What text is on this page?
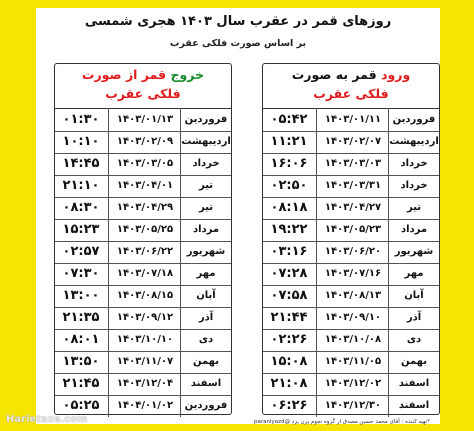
روزهای قمر در عقرب سال ۱۴۰۳ هجری شمسی
بر اساس صورت فلکی عقرب
ورود قمر به صورت
فلکی عقرب
فروردین
۱۴۰۳/۰۱/۱۱
۰۵:۴۲
اردیبهشت
۱۴۰۳/۰۲/۰۷
۱۱:۲۱
خرداد
۱۴۰۳/۰۳/۰۳
۱۶:۰۶
خرداد
۱۴۰۳/۰۳/۳۱
۰۲:۵۰
تیر
۱۴۰۳/۰۴/۲۷
۰۸:۱۸
مرداد
۱۴۰۳/۰۵/۲۳
۱۹:۲۲
شهریور
۱۴۰۳/۰۶/۲۰
۰۳:۱۶
مهر
۱۴۰۳/۰۷/۱۶
۰۷:۲۸
آبان
۱۴۰۳/۰۸/۱۳
۰۷:۵۸
آذر
۱۴۰۳/۰۹/۱۰
۲۱:۴۴
دی
۱۴۰۳/۱۰/۰۸
۰۲:۲۶
بهمن
۱۴۰۳/۱۱/۰۵
۱۵:۰۸
اسفند
۱۴۰۳/۱۲/۰۲
۲۱:۰۸
اسفند
۱۴۰۳/۱۲/۳۰
۰۶:۲۶
خروج قمر از صورت
فلکی عقرب
فروردین
۱۴۰۳/۰۱/۱۳
۰۱:۳۰
اردیبهشت
۱۴۰۳/۰۲/۰۹
۱۰:۱۰
خرداد
۱۴۰۳/۰۳/۰۵
۱۴:۴۵
تیر
۱۴۰۳/۰۴/۰۱
۲۱:۱۰
تیر
۱۴۰۳/۰۴/۲۹
۰۸:۳۰
مرداد
۱۴۰۳/۰۵/۲۵
۱۵:۲۳
شهریور
۱۴۰۳/۰۶/۲۲
۰۲:۵۷
مهر
۱۴۰۳/۰۷/۱۸
۰۷:۳۰
آبان
۱۴۰۳/۰۸/۱۵
۱۳:۰۰
آذر
۱۴۰۳/۰۹/۱۲
۲۱:۳۵
دی
۱۴۰۳/۱۰/۱۰
۰۸:۰۱
بهمن
۱۴۰۳/۱۱/۰۷
۱۳:۵۰
اسفند
۱۴۰۳/۱۲/۰۴
۲۱:۴۵
فروردین
۱۴۰۴/۰۱/۰۲
۰۵:۲۵
*تهیه کننده : آقای محمد حسین مصدق از گروه نجوم پرن یزد @paraniyazd
Harietaze.com
